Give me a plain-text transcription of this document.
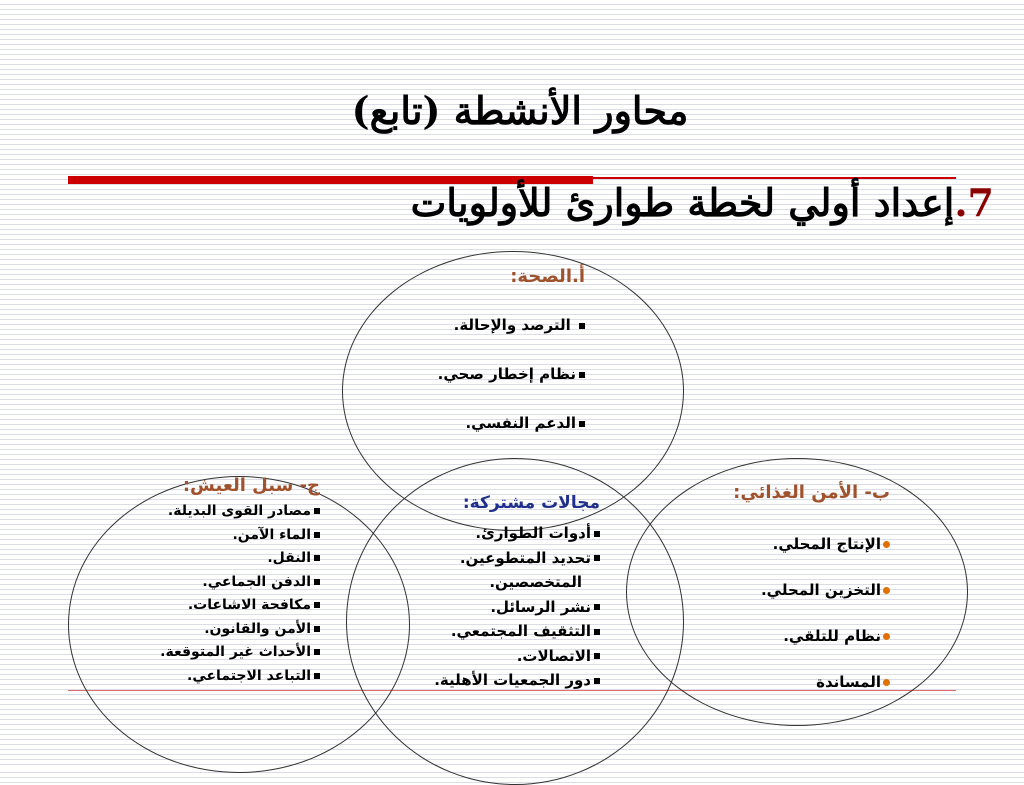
محاور الأنشطة (تابع)
7.إعداد أولي لخطة طوارئ للأولويات
أ.الصحة:
الترصد والإحالة.
نظام إخطار صحي.
الدعم النفسي.
ج- سبل العيش:
مصادر القوى البديلة.
الماء الآمن.
النقل.
الدفن الجماعي.
مكافحة الاشاعات.
الأمن والقانون.
الأحداث غير المتوقعة.
التباعد الاجتماعي.
مجالات مشتركة:
أدوات الطوارئ.
تحديد المتطوعين.
المتخصصين.
نشر الرسائل.
التثقيف المجتمعي.
الاتصالات.
دور الجمعيات الأهلية.
ب- الأمن الغذائي:
الإنتاج المحلي.
التخزين المحلي.
نظام للتلقي.
المساندة
